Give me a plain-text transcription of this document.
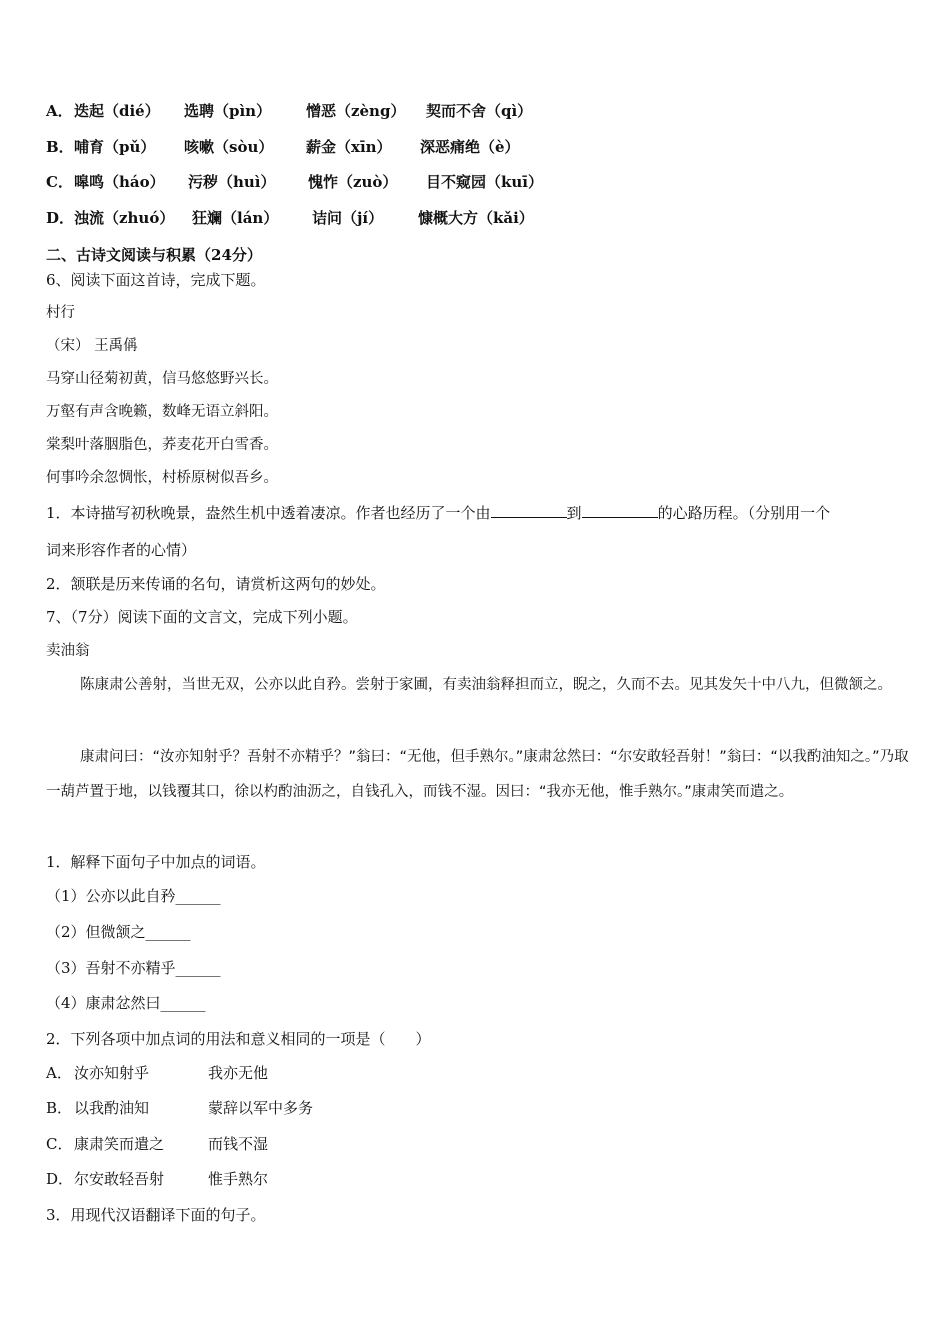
A．迭起（dié） 选聘（pìn） 憎恶（zèng） 契而不舍（qì）
B．哺育（pǔ） 咳嗽（sòu） 薪金（xīn） 深恶痛绝（è）
C．嗥鸣（háo） 污秽（huì） 愧怍（zuò） 目不窥园（kuī）
D．浊流（zhuó） 狂斓（lán） 诘问（jí） 慷概大方（kǎi）
二、古诗文阅读与积累（24分）
6、阅读下面这首诗，完成下题。
村行
（宋） 王禹偁
马穿山径菊初黄，信马悠悠野兴长。
万壑有声含晚籁，数峰无语立斜阳。
棠梨叶落胭脂色，荞麦花开白雪香。
何事吟余忽惆怅，村桥原树似吾乡。
1．本诗描写初秋晚景，盎然生机中透着凄凉。作者也经历了一个由	到	的心路历程。（分别用一个
词来形容作者的心情）
2．颔联是历来传诵的名句，请赏析这两句的妙处。
7、（7分）阅读下面的文言文，完成下列小题。
卖油翁
陈康肃公善射，当世无双，公亦以此自矜。尝射于家圃，有卖油翁释担而立，睨之，久而不去。见其发矢十中八九，但微颔之。
康肃问曰：“汝亦知射乎？吾射不亦精乎？”翁曰：“无他，但手熟尔。”康肃忿然曰：“尔安敢轻吾射！”翁曰：“以我酌油知之。”乃取一葫芦置于地，以钱覆其口，徐以杓酌油沥之，自钱孔入，而钱不湿。因曰：“我亦无他，惟手熟尔。”康肃笑而遣之。
1．解释下面句子中加点的词语。
（1）公亦以此自矜______
（2）但微颔之______
（3）吾射不亦精乎______
（4）康肃忿然曰______
2．下列各项中加点词的用法和意义相同的一项是（　　）
A． 汝亦知射乎	我亦无他
B． 以我酌油知	蒙辞以军中多务
C． 康肃笑而遣之	而钱不湿
D．尔安敢轻吾射	惟手熟尔
3．用现代汉语翻译下面的句子。
